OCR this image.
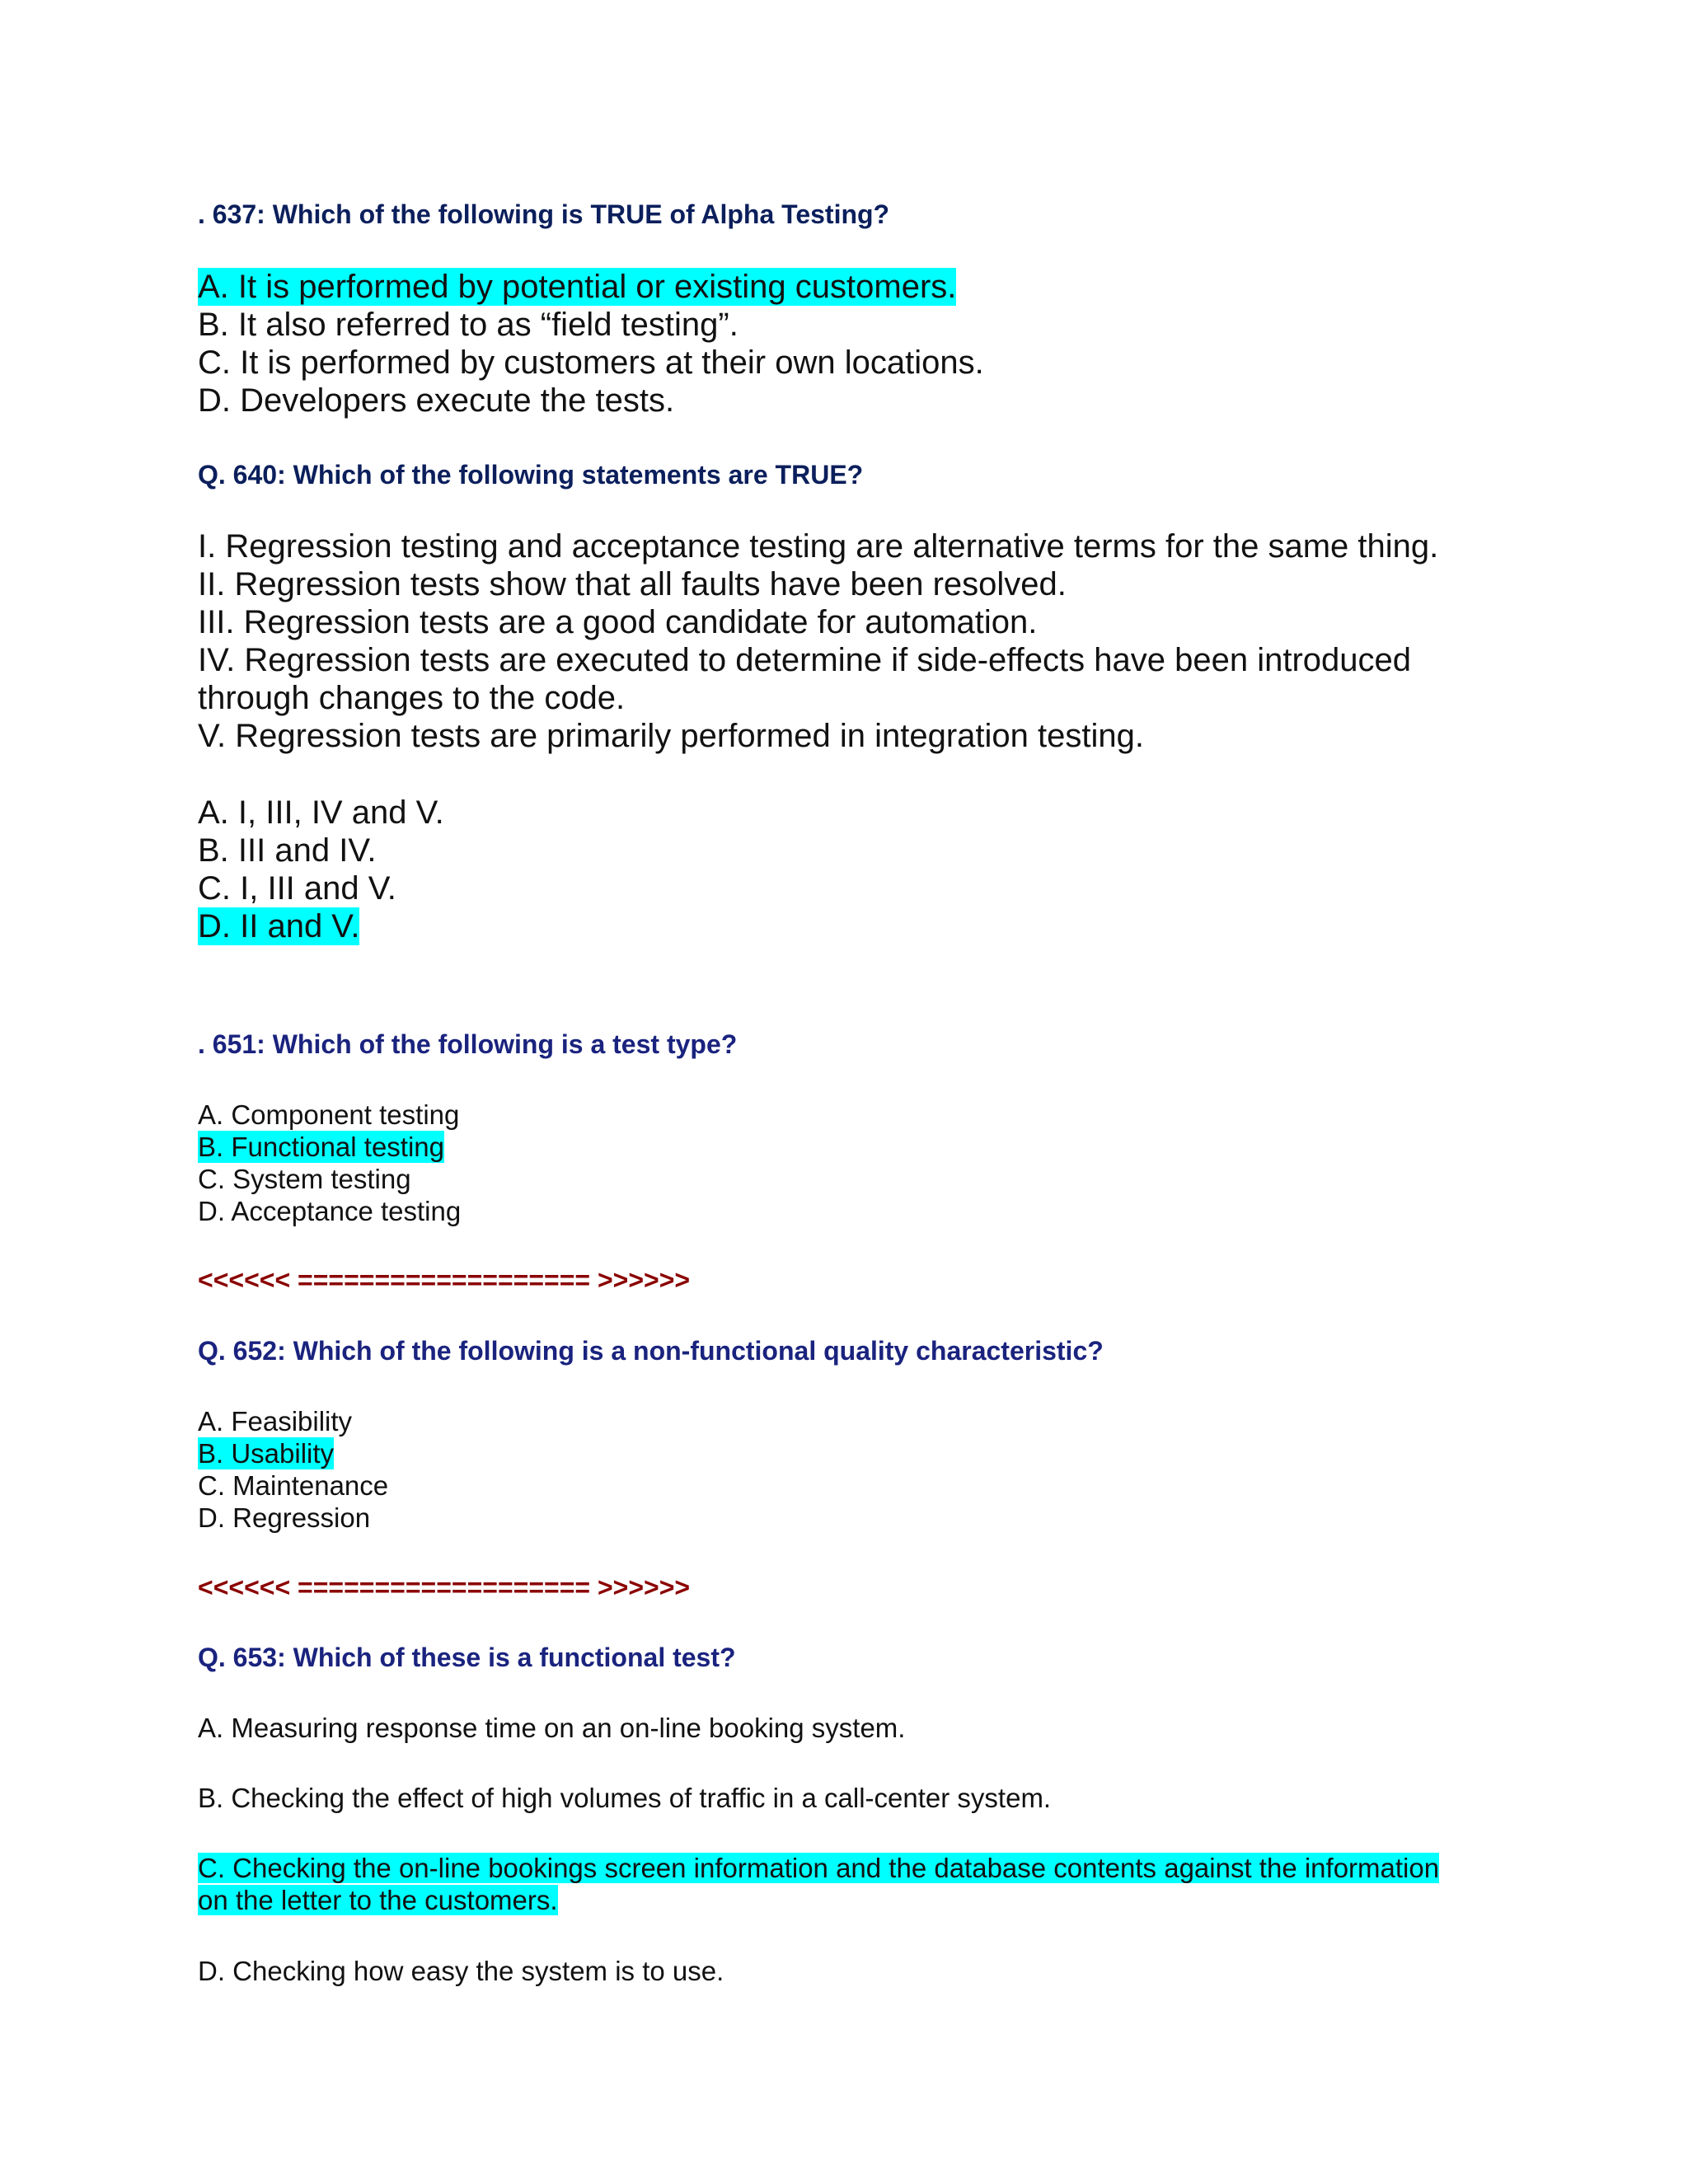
. 637: Which of the following is TRUE of Alpha Testing?
A. It is performed by potential or existing customers.
B. It also referred to as “field testing”.
C. It is performed by customers at their own locations.
D. Developers execute the tests.
Q. 640: Which of the following statements are TRUE?
I. Regression testing and acceptance testing are alternative terms for the same thing.
II. Regression tests show that all faults have been resolved.
III. Regression tests are a good candidate for automation.
IV. Regression tests are executed to determine if side-effects have been introduced
through changes to the code.
V. Regression tests are primarily performed in integration testing.
A. I, III, IV and V.
B. III and IV.
C. I, III and V.
D. II and V.
. 651: Which of the following is a test type?
A. Component testing
B. Functional testing
C. System testing
D. Acceptance testing
<<<<<< =================== >>>>>>
Q. 652: Which of the following is a non-functional quality characteristic?
A. Feasibility
B. Usability
C. Maintenance
D. Regression
<<<<<< =================== >>>>>>
Q. 653: Which of these is a functional test?
A. Measuring response time on an on-line booking system.
B. Checking the effect of high volumes of traffic in a call-center system.
C. Checking the on-line bookings screen information and the database contents against the information
on the letter to the customers.
D. Checking how easy the system is to use.
